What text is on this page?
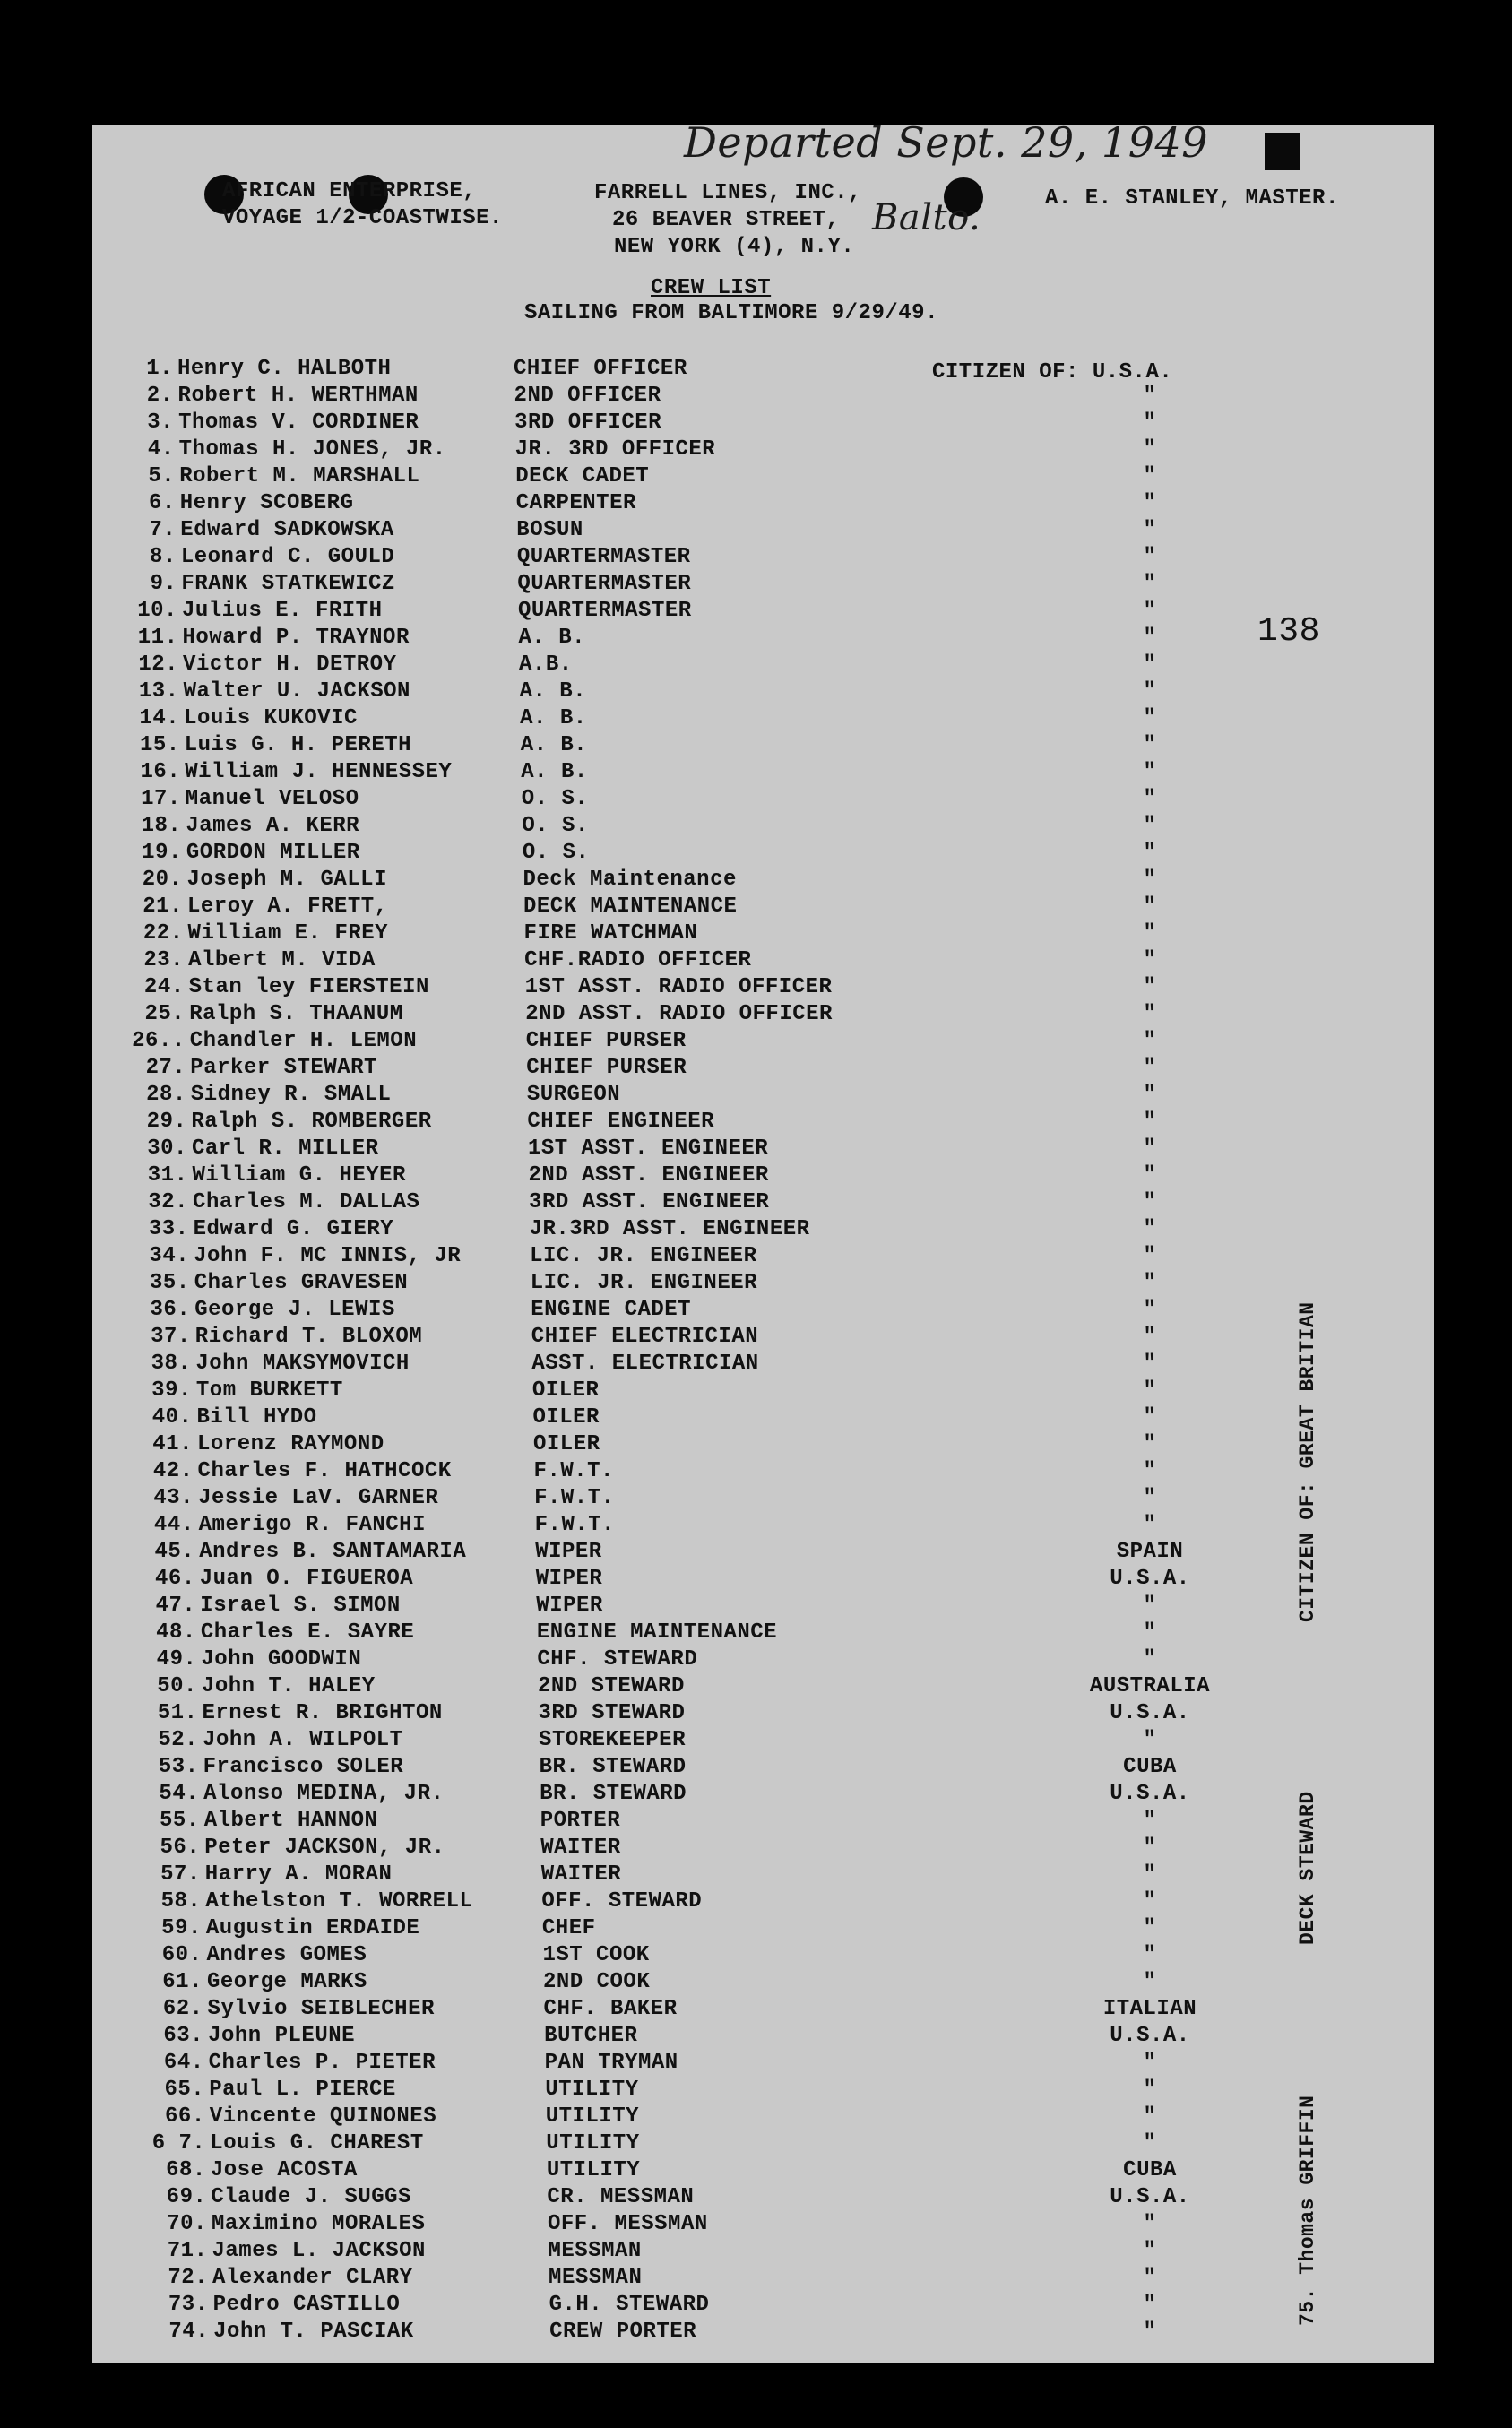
Departed Sept. 29, 1949
Balto.
AFRICAN ENTERPRISE,
VOYAGE 1/2-COASTWISE.
FARRELL LINES, INC.,
26 BEAVER STREET,
NEW YORK (4), N.Y.
A. E. STANLEY, MASTER.
CREW LIST
SAILING FROM BALTIMORE 9/29/49.
CITIZEN OF: U.S.A.
138
1. Henry C. HALBOTH	CHIEF OFFICER
2. Robert H. WERTHMAN	2ND OFFICER	"
3. Thomas V. CORDINER	3RD OFFICER	"
4. Thomas H. JONES, JR.	JR. 3RD OFFICER	"
5. Robert M. MARSHALL	DECK CADET	"
6. Henry SCOBERG	CARPENTER	"
7. Edward SADKOWSKA	BOSUN	"
8. Leonard C. GOULD	QUARTERMASTER	"
9. FRANK STATKEWICZ	QUARTERMASTER	"
10. Julius E. FRITH	QUARTERMASTER	"
11. Howard P. TRAYNOR	A. B.	"
12. Victor H. DETROY	A.B.	"
13. Walter U. JACKSON	A. B.	"
14. Louis KUKOVIC	A. B.	"
15. Luis G. H. PERETH	A. B.	"
16. William J. HENNESSEY	A. B.	"
17. Manuel VELOSO	O. S.	"
18. James A. KERR	O. S.	"
19. GORDON MILLER	O. S.	"
20. Joseph M. GALLI	Deck Maintenance	"
21. Leroy A. FRETT,	DECK MAINTENANCE	"
22. William E. FREY	FIRE WATCHMAN	"
23. Albert M. VIDA	CHF.RADIO OFFICER	"
24. Stan ley FIERSTEIN	1ST ASST. RADIO OFFICER	"
25. Ralph S. THAANUM	2ND ASST. RADIO OFFICER	"
26.. Chandler H. LEMON	CHIEF PURSER	"
27. Parker STEWART	CHIEF PURSER	"
28. Sidney R. SMALL	SURGEON	"
29. Ralph S. ROMBERGER	CHIEF ENGINEER	"
30. Carl R. MILLER	1ST ASST. ENGINEER	"
31. William G. HEYER	2ND ASST. ENGINEER	"
32. Charles M. DALLAS	3RD ASST. ENGINEER	"
33. Edward G. GIERY	JR.3RD ASST. ENGINEER	"
34. John F. MC INNIS, JR	LIC. JR. ENGINEER	"
35. Charles GRAVESEN	LIC. JR. ENGINEER	"
36. George J. LEWIS	ENGINE CADET	"
37. Richard T. BLOXOM	CHIEF ELECTRICIAN	"
38. John MAKSYMOVICH	ASST. ELECTRICIAN	"
39. Tom BURKETT	OILER	"
40. Bill HYDO	OILER	"
41. Lorenz RAYMOND	OILER	"
42. Charles F. HATHCOCK	F.W.T.	"
43. Jessie LaV. GARNER	F.W.T.	"
44. Amerigo R. FANCHI	F.W.T.	"
45. Andres B. SANTAMARIA	WIPER	SPAIN
46. Juan O. FIGUEROA	WIPER	U.S.A.
47. Israel S. SIMON	WIPER	"
48. Charles E. SAYRE	ENGINE MAINTENANCE	"
49. John GOODWIN	CHF. STEWARD	"
50. John T. HALEY	2ND STEWARD	AUSTRALIA
51. Ernest R. BRIGHTON	3RD STEWARD	U.S.A.
52. John A. WILPOLT	STOREKEEPER	"
53. Francisco SOLER	BR. STEWARD	CUBA
54. Alonso MEDINA, JR.	BR. STEWARD	U.S.A.
55. Albert HANNON	PORTER	"
56. Peter JACKSON, JR.	WAITER	"
57. Harry A. MORAN	WAITER	"
58. Athelston T. WORRELL	OFF. STEWARD	"
59. Augustin ERDAIDE	CHEF	"
60. Andres GOMES	1ST COOK	"
61. George MARKS	2ND COOK	"
62. Sylvio SEIBLECHER	CHF. BAKER	ITALIAN
63. John PLEUNE	BUTCHER	U.S.A.
64. Charles P. PIETER	PAN TRYMAN	"
65. Paul L. PIERCE	UTILITY	"
66. Vincente QUINONES	UTILITY	"
6 7. Louis G. CHAREST	UTILITY	"
68. Jose ACOSTA	UTILITY	CUBA
69. Claude J. SUGGS	CR. MESSMAN	U.S.A.
70. Maximino MORALES	OFF. MESSMAN	"
71. James L. JACKSON	MESSMAN	"
72. Alexander CLARY	MESSMAN	"
73. Pedro CASTILLO	G.H. STEWARD	"
74. John T. PASCIAK	CREW PORTER	"
CITIZEN OF: GREAT BRITIAN
DECK STEWARD
75. Thomas GRIFFIN
